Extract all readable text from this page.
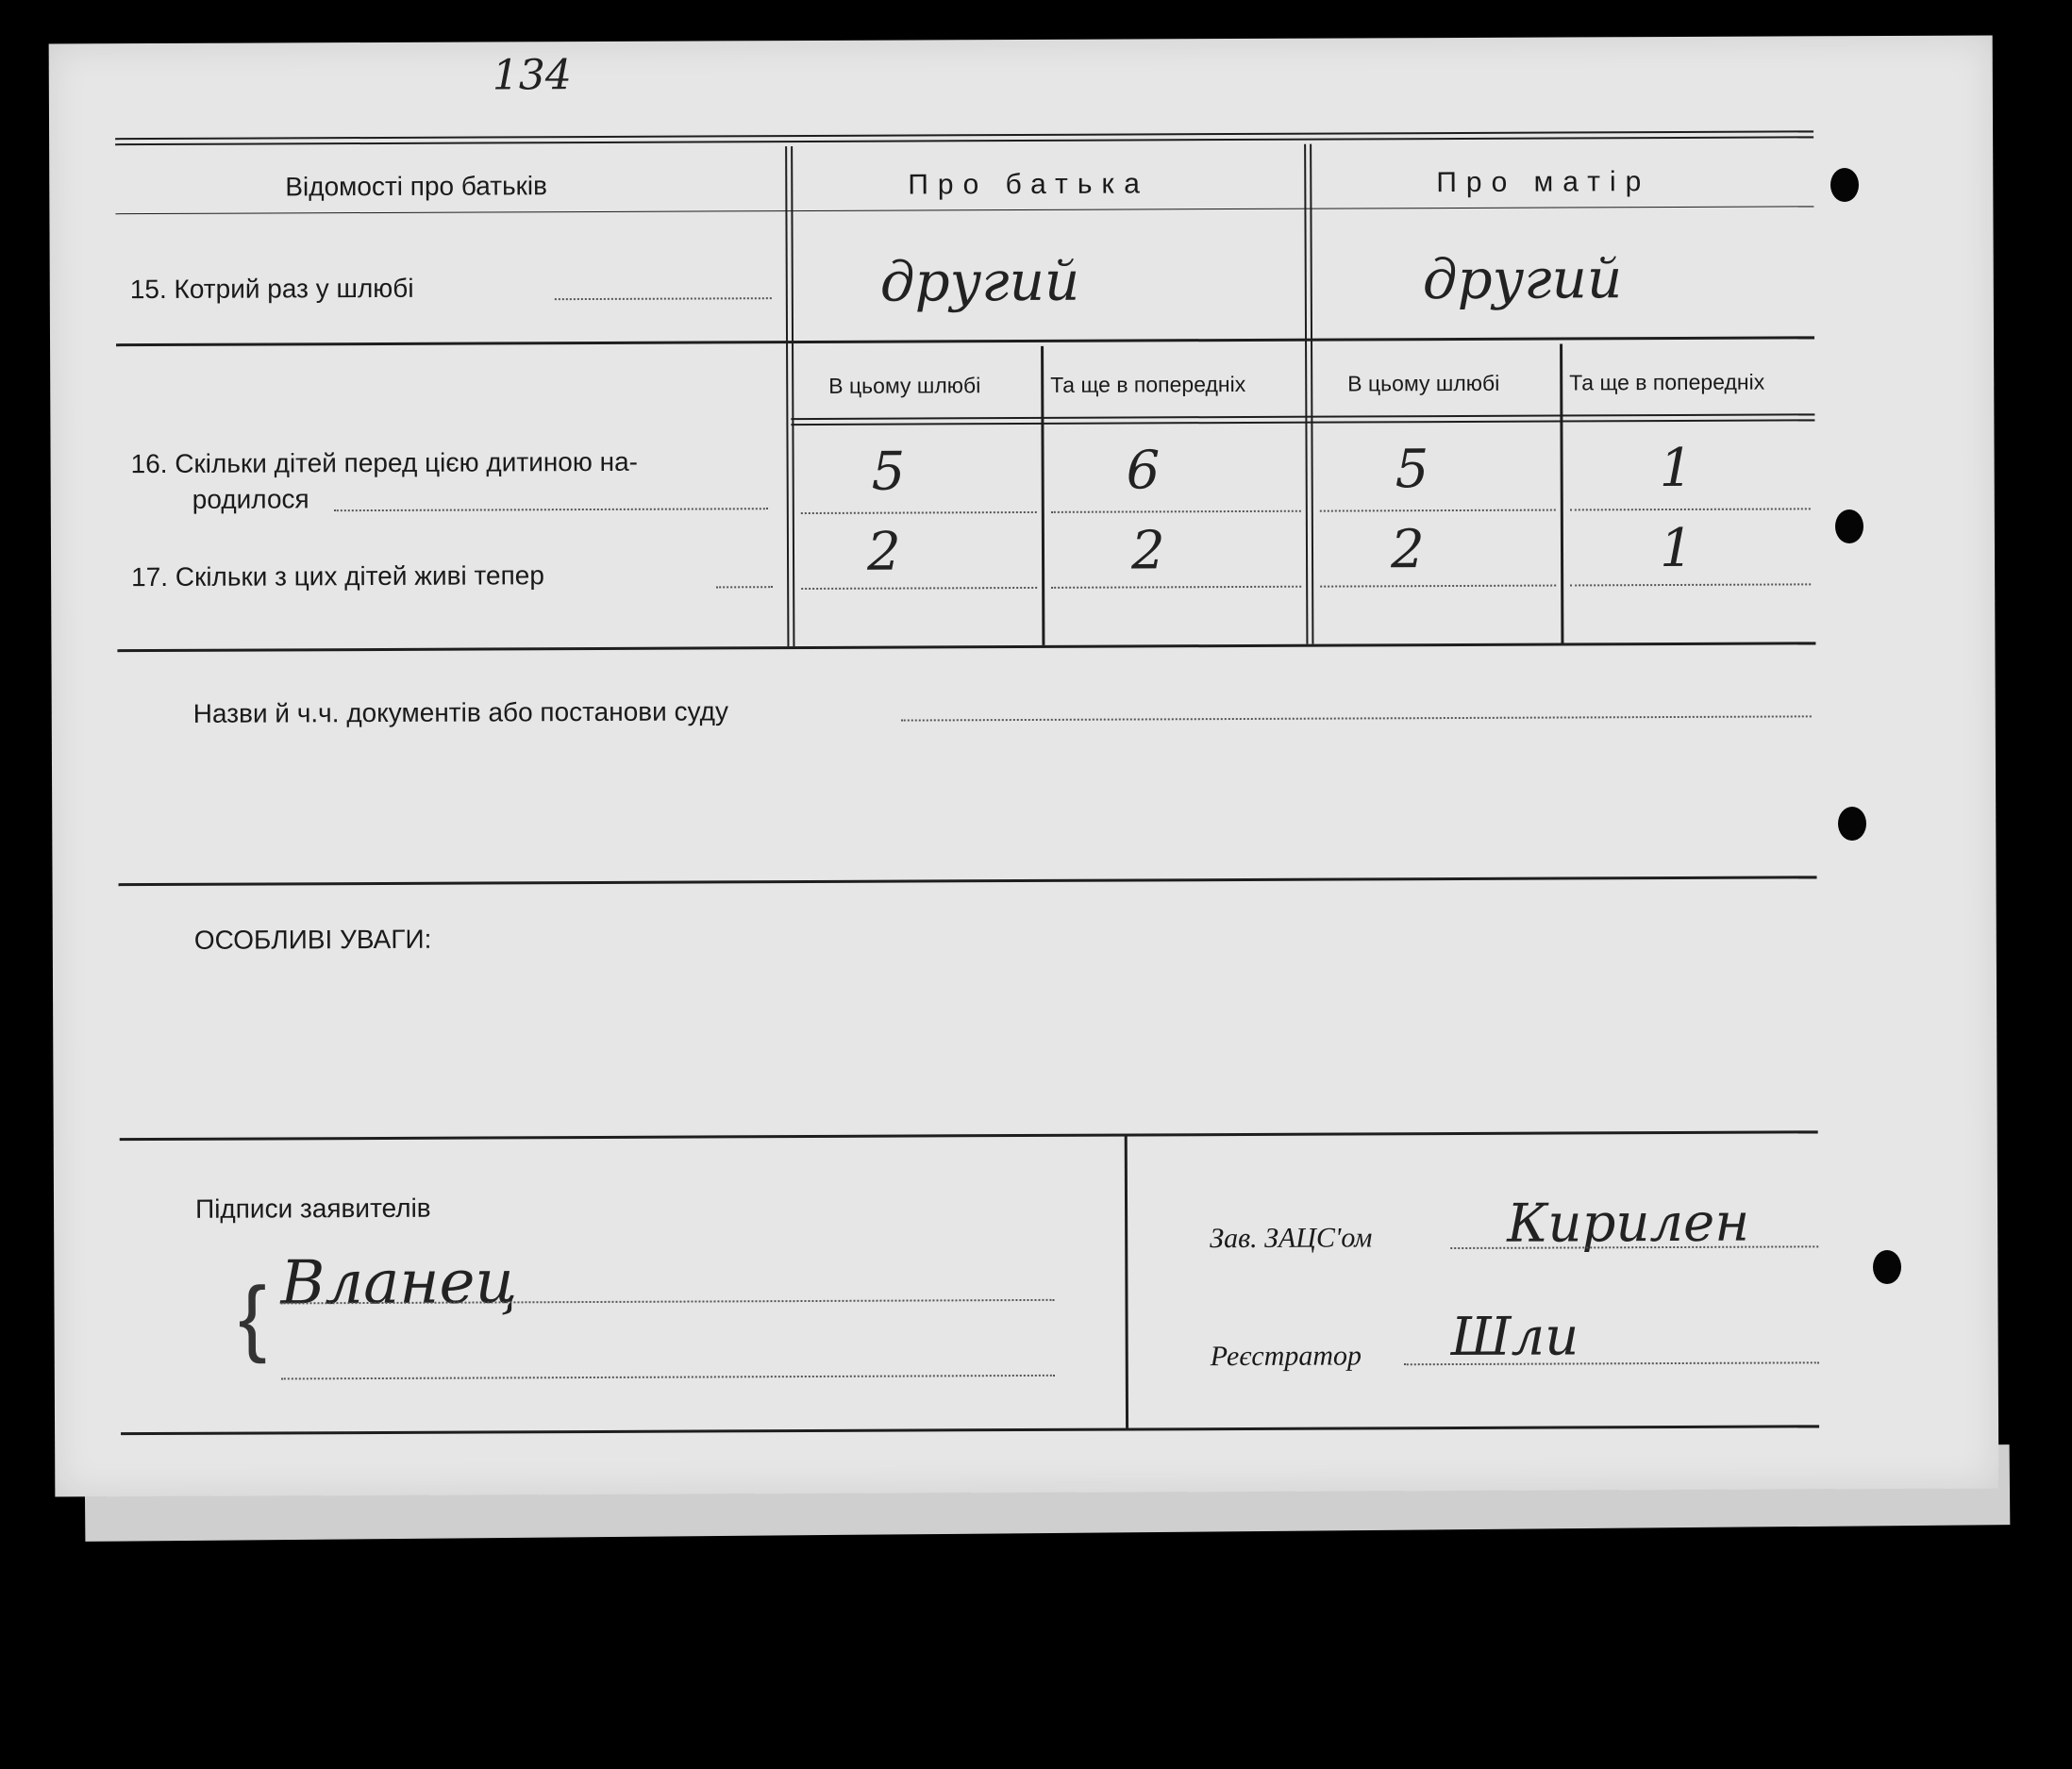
134
Відомості про батьків	Про батька	Про матір
15. Котрий раз у шлюбі	другий	другий
В цьому шлюбі	Та ще в попередніх	В цьому шлюбі	Та ще в попередніх
16. Скільки дітей перед цією дитиною на-
родилося	5	6	5	1
17. Скільки з цих дітей живі тепер	2	2	2	1
Назви й ч.ч. документів або постанови суду
ОСОБЛИВІ УВАГИ:
Підписи заявителів
{ Вланец
Зав. ЗАЦС'ом	Кирилен
Реєстратор Шли
